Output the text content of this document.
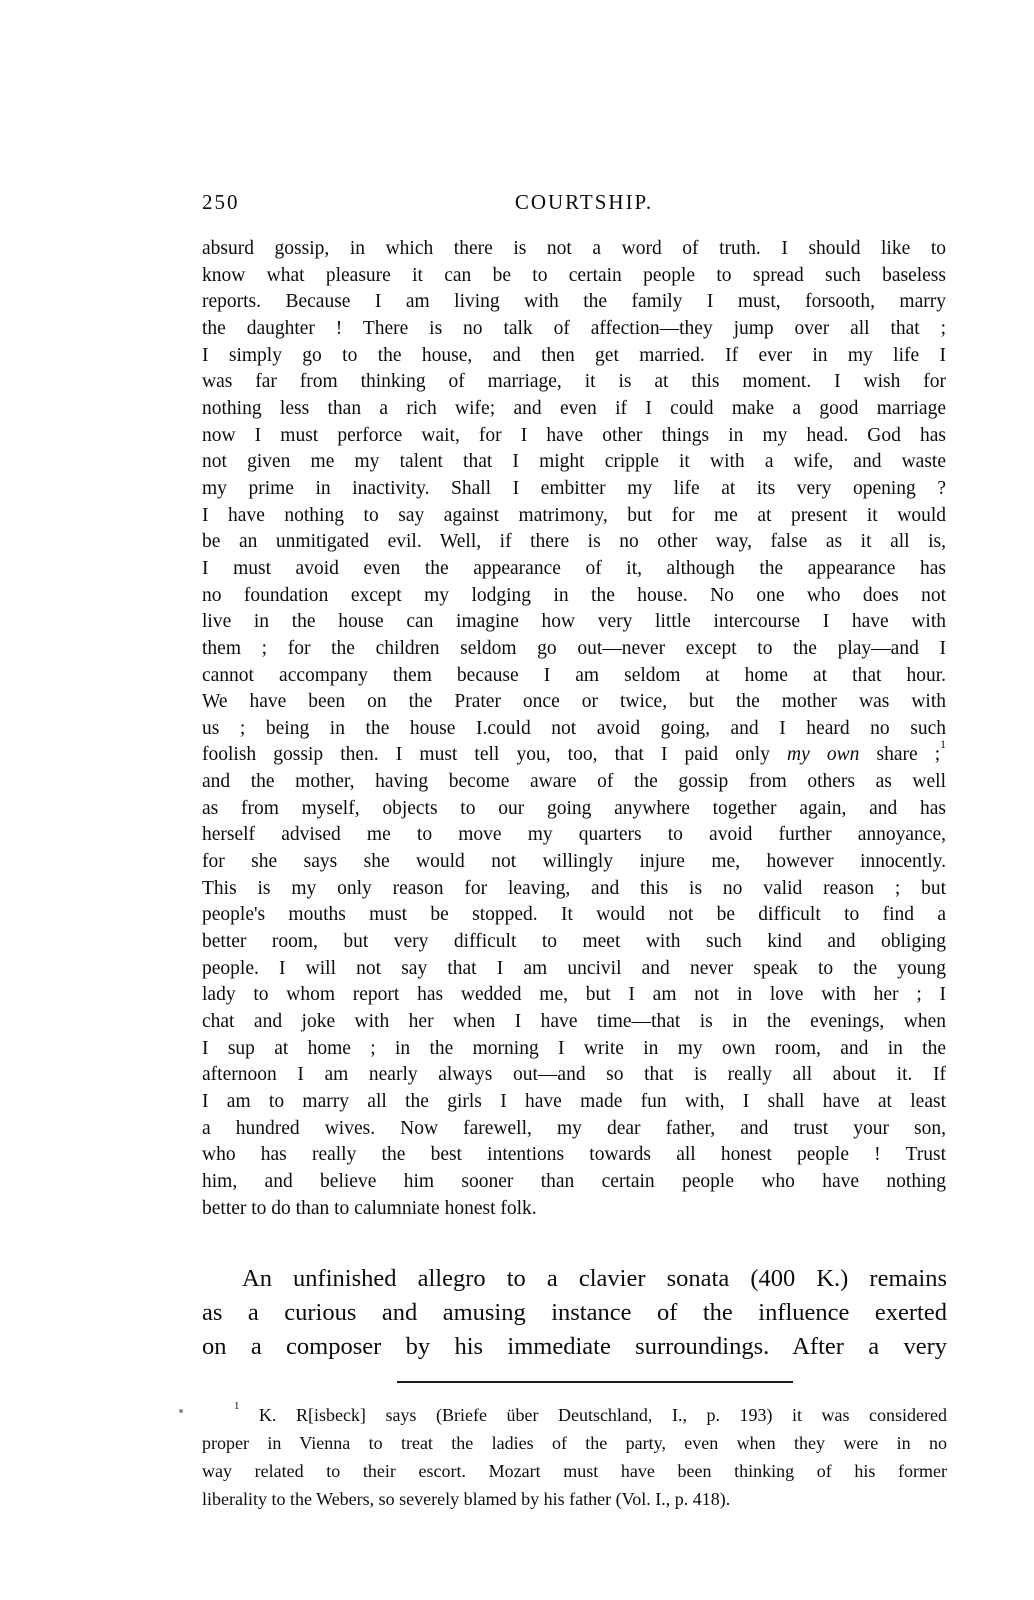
250	COURTSHIP.
absurd gossip, in which there is not a word of truth. I should like to
know what pleasure it can be to certain people to spread such baseless
reports. Because I am living with the family I must, forsooth, marry
the daughter ! There is no talk of affection—they jump over all that ;
I simply go to the house, and then get married. If ever in my life I
was far from thinking of marriage, it is at this moment. I wish for
nothing less than a rich wife; and even if I could make a good marriage
now I must perforce wait, for I have other things in my head. God has
not given me my talent that I might cripple it with a wife, and waste
my prime in inactivity. Shall I embitter my life at its very opening ?
I have nothing to say against matrimony, but for me at present it would
be an unmitigated evil. Well, if there is no other way, false as it all is,
I must avoid even the appearance of it, although the appearance has
no foundation except my lodging in the house. No one who does not
live in the house can imagine how very little intercourse I have with
them ; for the children seldom go out—never except to the play—and I
cannot accompany them because I am seldom at home at that hour.
We have been on the Prater once or twice, but the mother was with
us ; being in the house I.could not avoid going, and I heard no such
foolish gossip then. I must tell you, too, that I paid only my own share ;$^1$
and the mother, having become aware of the gossip from others as well
as from myself, objects to our going anywhere together again, and has
herself advised me to move my quarters to avoid further annoyance,
for she says she would not willingly injure me, however innocently.
This is my only reason for leaving, and this is no valid reason ; but
people's mouths must be stopped. It would not be difficult to find a
better room, but very difficult to meet with such kind and obliging
people. I will not say that I am uncivil and never speak to the young
lady to whom report has wedded me, but I am not in love with her ; I
chat and joke with her when I have time—that is in the evenings, when
I sup at home ; in the morning I write in my own room, and in the
afternoon I am nearly always out—and so that is really all about it. If
I am to marry all the girls I have made fun with, I shall have at least
a hundred wives. Now farewell, my dear father, and trust your son,
who has really the best intentions towards all honest people ! Trust
him, and believe him sooner than certain people who have nothing
better to do than to calumniate honest folk.
An unfinished allegro to a clavier sonata (400 K.) remains
as a curious and amusing instance of the influence exerted
on a composer by his immediate surroundings. After a very
$^1$ K. R[isbeck] says (Briefe über Deutschland, I., p. 193) it was considered
proper in Vienna to treat the ladies of the party, even when they were in no
way related to their escort. Mozart must have been thinking of his former
liberality to the Webers, so severely blamed by his father (Vol. I., p. 418).
